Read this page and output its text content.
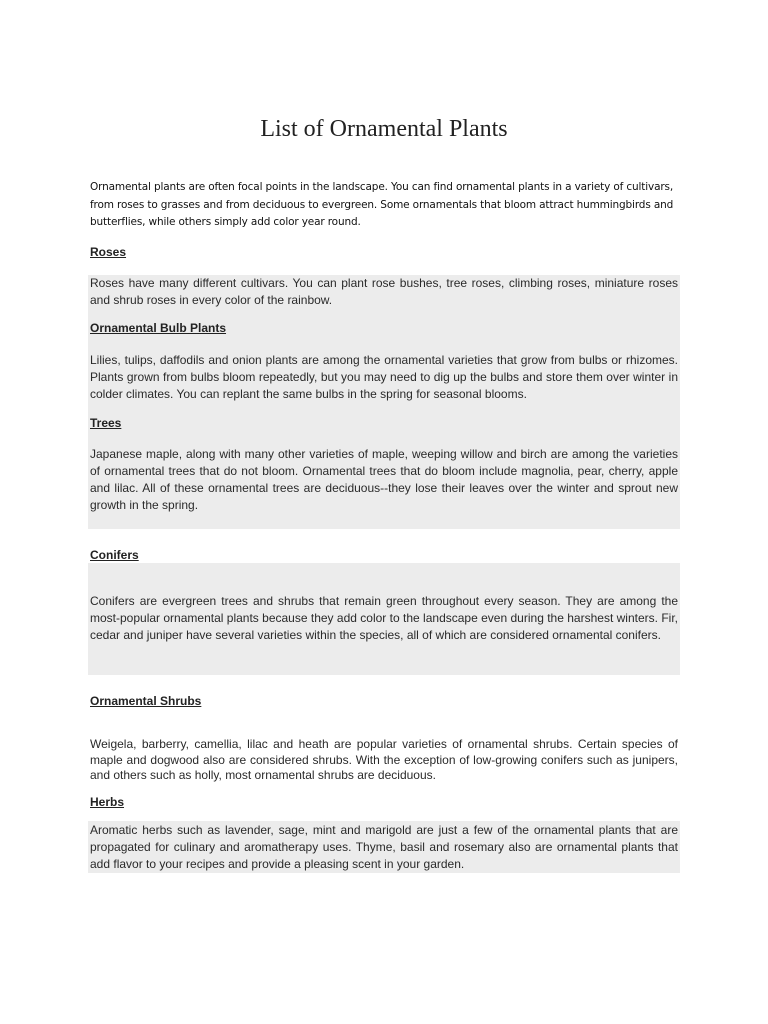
List of Ornamental Plants

Ornamental plants are often focal points in the landscape. You can find ornamental plants in a variety of cultivars, from roses to grasses and from deciduous to evergreen. Some ornamentals that bloom attract hummingbirds and butterflies, while others simply add color year round.

Roses

Roses have many different cultivars. You can plant rose bushes, tree roses, climbing roses, miniature roses and shrub roses in every color of the rainbow.

Ornamental Bulb Plants

Lilies, tulips, daffodils and onion plants are among the ornamental varieties that grow from bulbs or rhizomes. Plants grown from bulbs bloom repeatedly, but you may need to dig up the bulbs and store them over winter in colder climates. You can replant the same bulbs in the spring for seasonal blooms.

Trees

Japanese maple, along with many other varieties of maple, weeping willow and birch are among the varieties of ornamental trees that do not bloom. Ornamental trees that do bloom include magnolia, pear, cherry, apple and lilac. All of these ornamental trees are deciduous--they lose their leaves over the winter and sprout new growth in the spring.

Conifers

Conifers are evergreen trees and shrubs that remain green throughout every season. They are among the most-popular ornamental plants because they add color to the landscape even during the harshest winters. Fir, cedar and juniper have several varieties within the species, all of which are considered ornamental conifers.

Ornamental Shrubs

Weigela, barberry, camellia, lilac and heath are popular varieties of ornamental shrubs. Certain species of maple and dogwood also are considered shrubs. With the exception of low-growing conifers such as junipers, and others such as holly, most ornamental shrubs are deciduous.

Herbs

Aromatic herbs such as lavender, sage, mint and marigold are just a few of the ornamental plants that are propagated for culinary and aromatherapy uses. Thyme, basil and rosemary also are ornamental plants that add flavor to your recipes and provide a pleasing scent in your garden.
